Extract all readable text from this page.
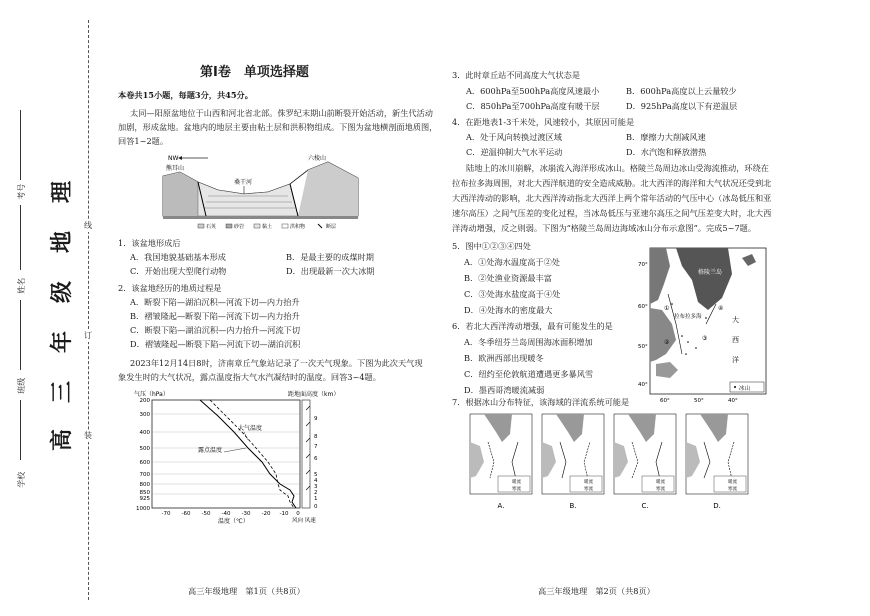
学校
班级
姓名
考号
高
三
年
级
地
理
装
订
线
第Ⅰ卷　单项选择题
本卷共15小题，每题3分，共45分。
太同—阳原盆地位于山西和河北省北部。侏罗纪末期山前断裂开始活动，新生代活动
加剧，形成盆地。盆地内的地层主要由粘土层和洪积物组成。下图为盆地横剖面地质图，
回答1~2题。
NW
熊耳山
六棱山
桑干河
石英	砂岩	黏土	洪积物	断层
1．该盆地形成后
A．我国地貌基础基本形成	B．是最主要的成煤时期
C．开始出现大型爬行动物	D．出现最新一次大冰期
2．该盆地经历的地质过程是
A．断裂下陷—湖泊沉积—河流下切—内力抬升
B．褶皱隆起—断裂下陷—河流下切—内力抬升
C．断裂下陷—湖泊沉积—内力抬升—河流下切
D．褶皱隆起—断裂下陷—河流下切—湖泊沉积
2023年12月14日8时，济南章丘气象站记录了一次天气现象。下图为此次天气现
象发生时的大气状况，露点温度指大气水汽凝结时的温度。回答3~4题。
气压（hPa）	距地面高度（km）
200
300
400
500
600
700
800
850
925
1000
-70 -60 -50 -40 -30 -20 -10 0
温度（℃）
大气温度
露点温度
9
8
7
6
5
4
3
2
1
0
风向 风速
高三年级地理　第1页（共8页）
3．此时章丘站不同高度大气状态是
A．600hPa至500hPa高度风速最小	B．600hPa高度以上云量较少
C．850hPa至700hPa高度有暖干层	D．925hPa高度以下有逆温层
4．在距地表1-3千米处，风速较小，其原因可能是
A．处于风向转换过渡区域	B．摩擦力大削减风速
C．逆温抑制大气水平运动	D．水汽饱和释放潜热
陆地上的冰川崩解，冰崩流入海洋形成冰山。格陵兰岛周边冰山受海流推动，环绕在
拉布拉多海周围，对北大西洋航道的安全造成威胁。北大西洋的海洋和大气状况还受到北
大西洋涛动的影响，北大西洋涛动指北大西洋上两个常年活动的气压中心（冰岛低压和亚
速尔高压）之间气压差的变化过程，当冰岛低压与亚速尔高压之间气压差变大时，北大西
洋涛动增强，反之则弱。下图为“格陵兰岛周边海域冰山分布示意图”。完成5~7题。
5．图中①②③④四处
A．①处海水温度高于②处
B．②处渔业资源最丰富
C．③处海水盐度高于④处
D．④处海水的密度最大
6．若北大西洋涛动增强，最有可能发生的是
A．冬季纽芬兰岛周围海冰面积增加
B．欧洲西部出现暖冬
C．纽约至伦敦航道遭遇更多暴风雪
D．墨西哥湾暖流减弱
7．根据冰山分布特征，该海域的洋流系统可能是
格陵兰岛
拉布拉多海	大
西
洋
①
②
③
④
70°
60°
50°
40°
60°	50°	40°
冰山
暖流
寒流
暖流
寒流
暖流
寒流
暖流
寒流
A.	B.	C.	D.
高三年级地理　第2页（共8页）
